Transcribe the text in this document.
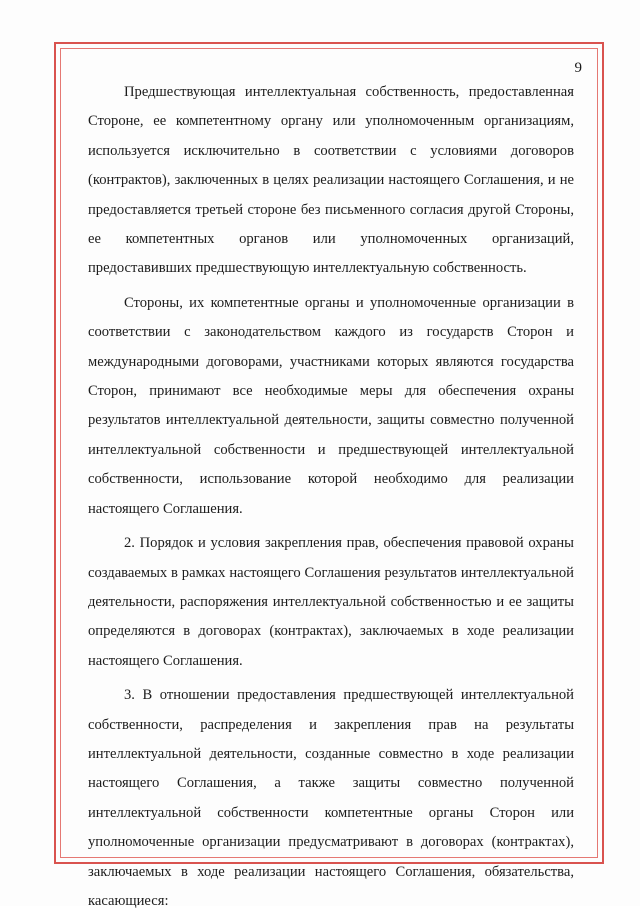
9

Предшествующая интеллектуальная собственность, предоставленная Стороне, ее компетентному органу или уполномоченным организациям, используется исключительно в соответствии с условиями договоров (контрактов), заключенных в целях реализации настоящего Соглашения, и не предоставляется третьей стороне без письменного согласия другой Стороны, ее компетентных органов или уполномоченных организаций, предоставивших предшествующую интеллектуальную собственность.

Стороны, их компетентные органы и уполномоченные организации в соответствии с законодательством каждого из государств Сторон и международными договорами, участниками которых являются государства Сторон, принимают все необходимые меры для обеспечения охраны результатов интеллектуальной деятельности, защиты совместно полученной интеллектуальной собственности и предшествующей интеллектуальной собственности, использование которой необходимо для реализации настоящего Соглашения.

2. Порядок и условия закрепления прав, обеспечения правовой охраны создаваемых в рамках настоящего Соглашения результатов интеллектуальной деятельности, распоряжения интеллектуальной собственностью и ее защиты определяются в договорах (контрактах), заключаемых в ходе реализации настоящего Соглашения.

3. В отношении предоставления предшествующей интеллектуальной собственности, распределения и закрепления прав на результаты интеллектуальной деятельности, созданные совместно в ходе реализации настоящего Соглашения, а также защиты совместно полученной интеллектуальной собственности компетентные органы Сторон или уполномоченные организации предусматривают в договорах (контрактах), заключаемых в ходе реализации настоящего Соглашения, обязательства, касающиеся:
